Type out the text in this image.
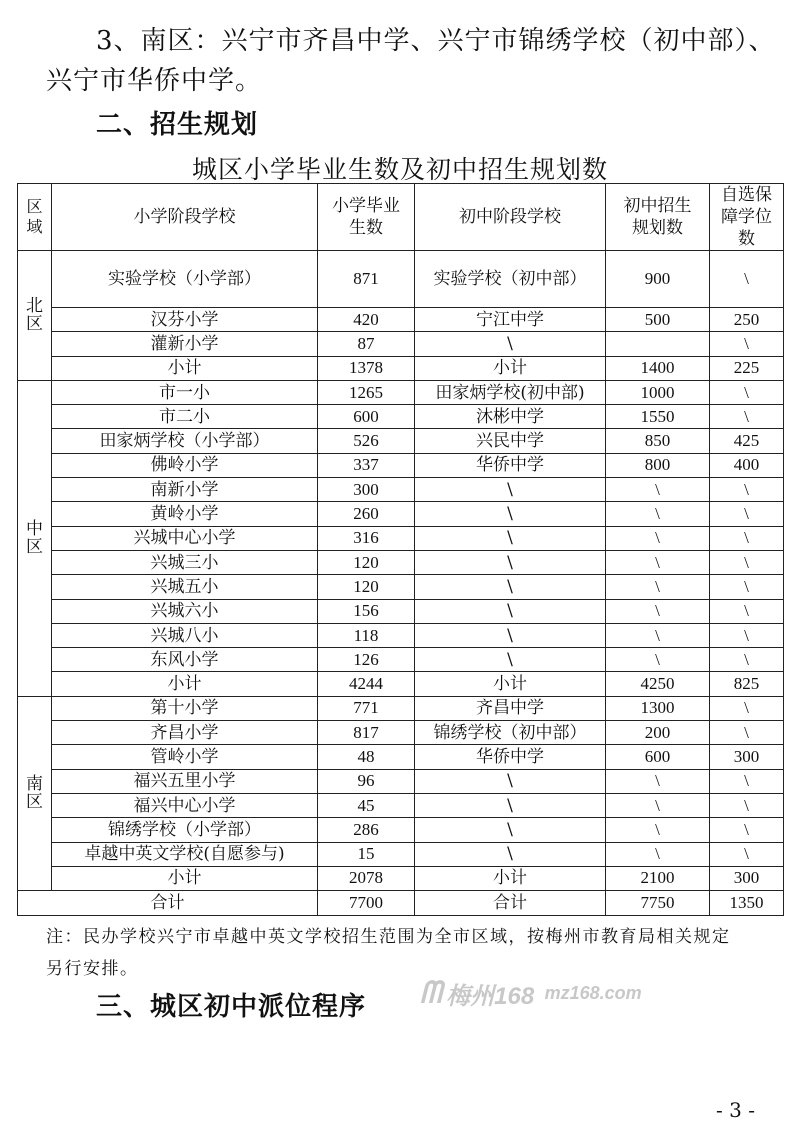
3、南区：兴宁市齐昌中学、兴宁市锦绣学校（初中部）、
兴宁市华侨中学。
二、招生规划
城区小学毕业生数及初中招生规划数
区域	小学阶段学校	小学毕业生数	初中阶段学校	初中招生规划数	自选保障学位数

北
区	实验学校（小学部）	871	实验学校（初中部）	900	\
	汉芬小学	420	宁江中学	500	250
	灌新小学	87	\		\
	小计	1378	小计	1400	225

中
区	市一小	1265	田家炳学校(初中部)	1000	\
	市二小	600	沐彬中学	1550	\
	田家炳学校（小学部）	526	兴民中学	850	425
	佛岭小学	337	华侨中学	800	400
	南新小学	300	\	\	\
	黄岭小学	260	\	\	\
	兴城中心小学	316	\	\	\
	兴城三小	120	\	\	\
	兴城五小	120	\	\	\
	兴城六小	156	\	\	\
	兴城八小	118	\	\	\
	东风小学	126	\	\	\
	小计	4244	小计	4250	825

南
区	第十小学	771	齐昌中学	1300	\
	齐昌小学	817	锦绣学校（初中部）	200	\
	管岭小学	48	华侨中学	600	300
	福兴五里小学	96	\	\	\
	福兴中心小学	45	\	\	\
	锦绣学校（小学部）	286	\	\	\
	卓越中英文学校(自愿参与)	15	\	\	\
	小计	2078	小计	2100	300
合计		7700	合计	7750	1350
注：民办学校兴宁市卓越中英文学校招生范围为全市区域，按梅州市教育局相关规定
另行安排。
三、城区初中派位程序 ᗰ 梅州168 mz168.com
- 3 -
